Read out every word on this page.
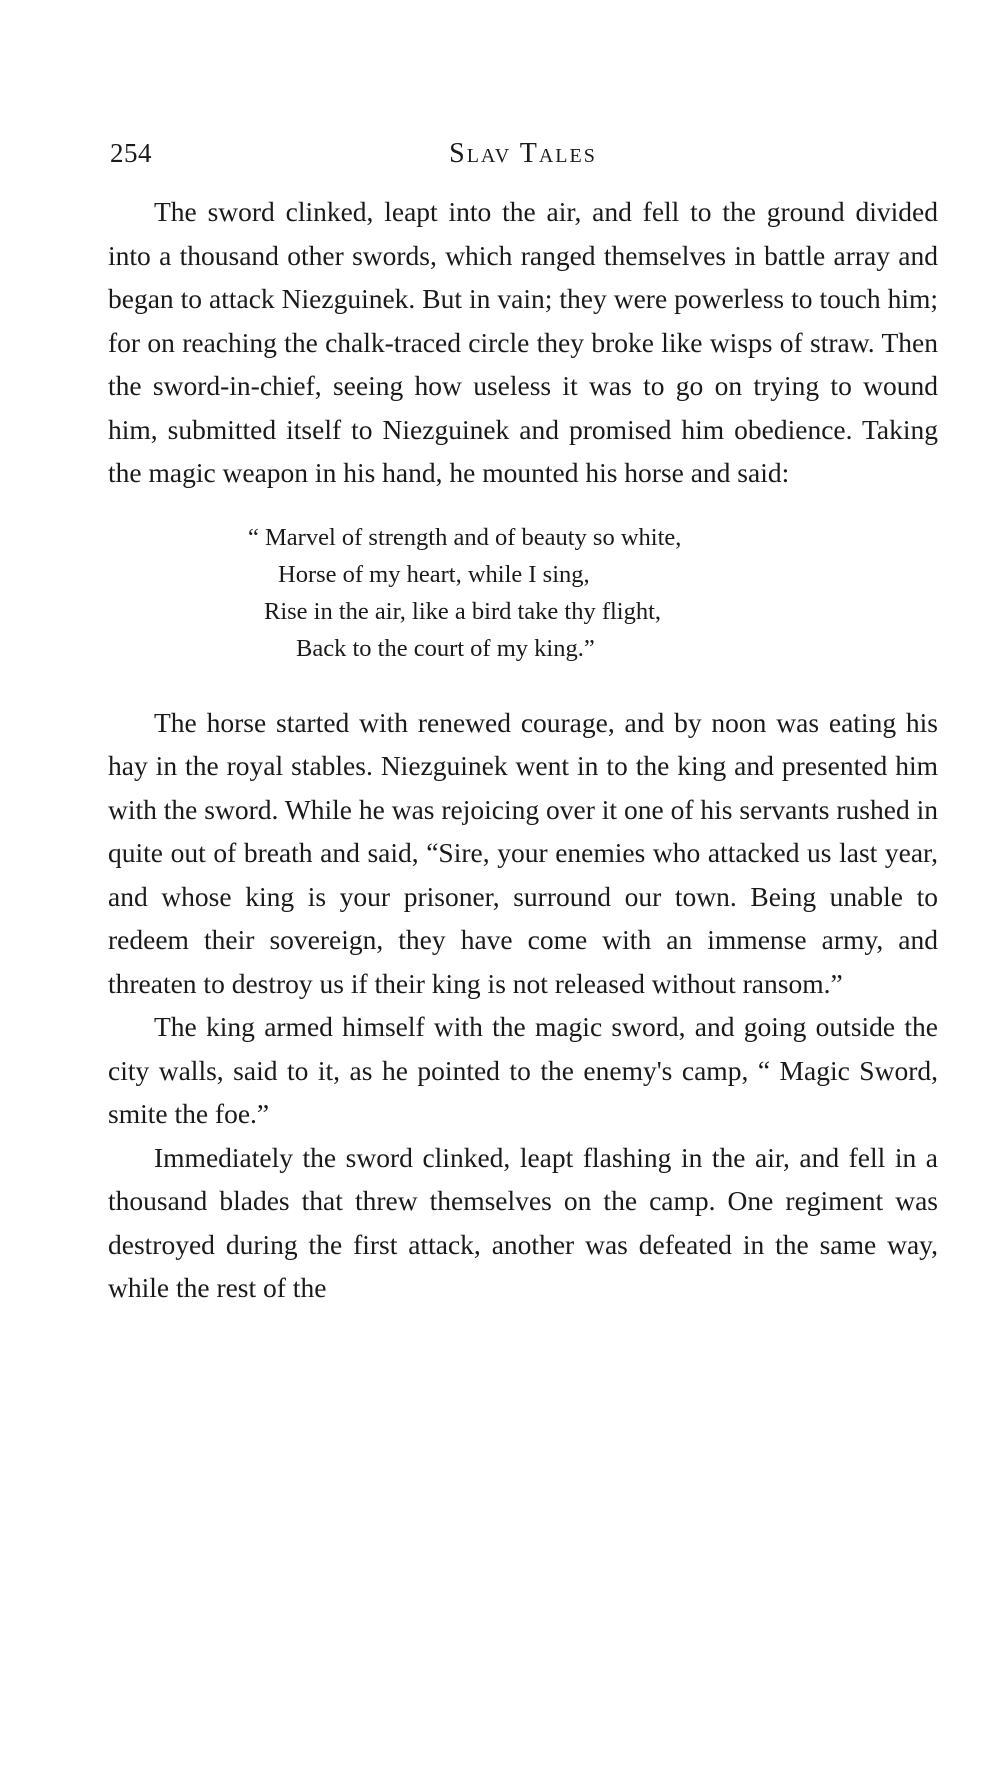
254	Slav Tales

The sword clinked, leapt into the air, and fell to the ground divided into a thousand other swords, which ranged themselves in battle array and began to attack Niezguinek. But in vain; they were powerless to touch him; for on reaching the chalk-traced circle they broke like wisps of straw. Then the sword-in-chief, seeing how useless it was to go on trying to wound him, submitted itself to Niezguinek and promised him obedience. Taking the magic weapon in his hand, he mounted his horse and said:

“ Marvel of strength and of beauty so white,
Horse of my heart, while I sing,
Rise in the air, like a bird take thy flight,
Back to the court of my king.”

The horse started with renewed courage, and by noon was eating his hay in the royal stables. Niezguinek went in to the king and presented him with the sword. While he was rejoicing over it one of his servants rushed in quite out of breath and said, “Sire, your enemies who attacked us last year, and whose king is your prisoner, surround our town. Being unable to redeem their sovereign, they have come with an immense army, and threaten to destroy us if their king is not released without ransom.”

The king armed himself with the magic sword, and going outside the city walls, said to it, as he pointed to the enemy's camp, “ Magic Sword, smite the foe.”

Immediately the sword clinked, leapt flashing in the air, and fell in a thousand blades that threw themselves on the camp. One regiment was destroyed during the first attack, another was defeated in the same way, while the rest of the
